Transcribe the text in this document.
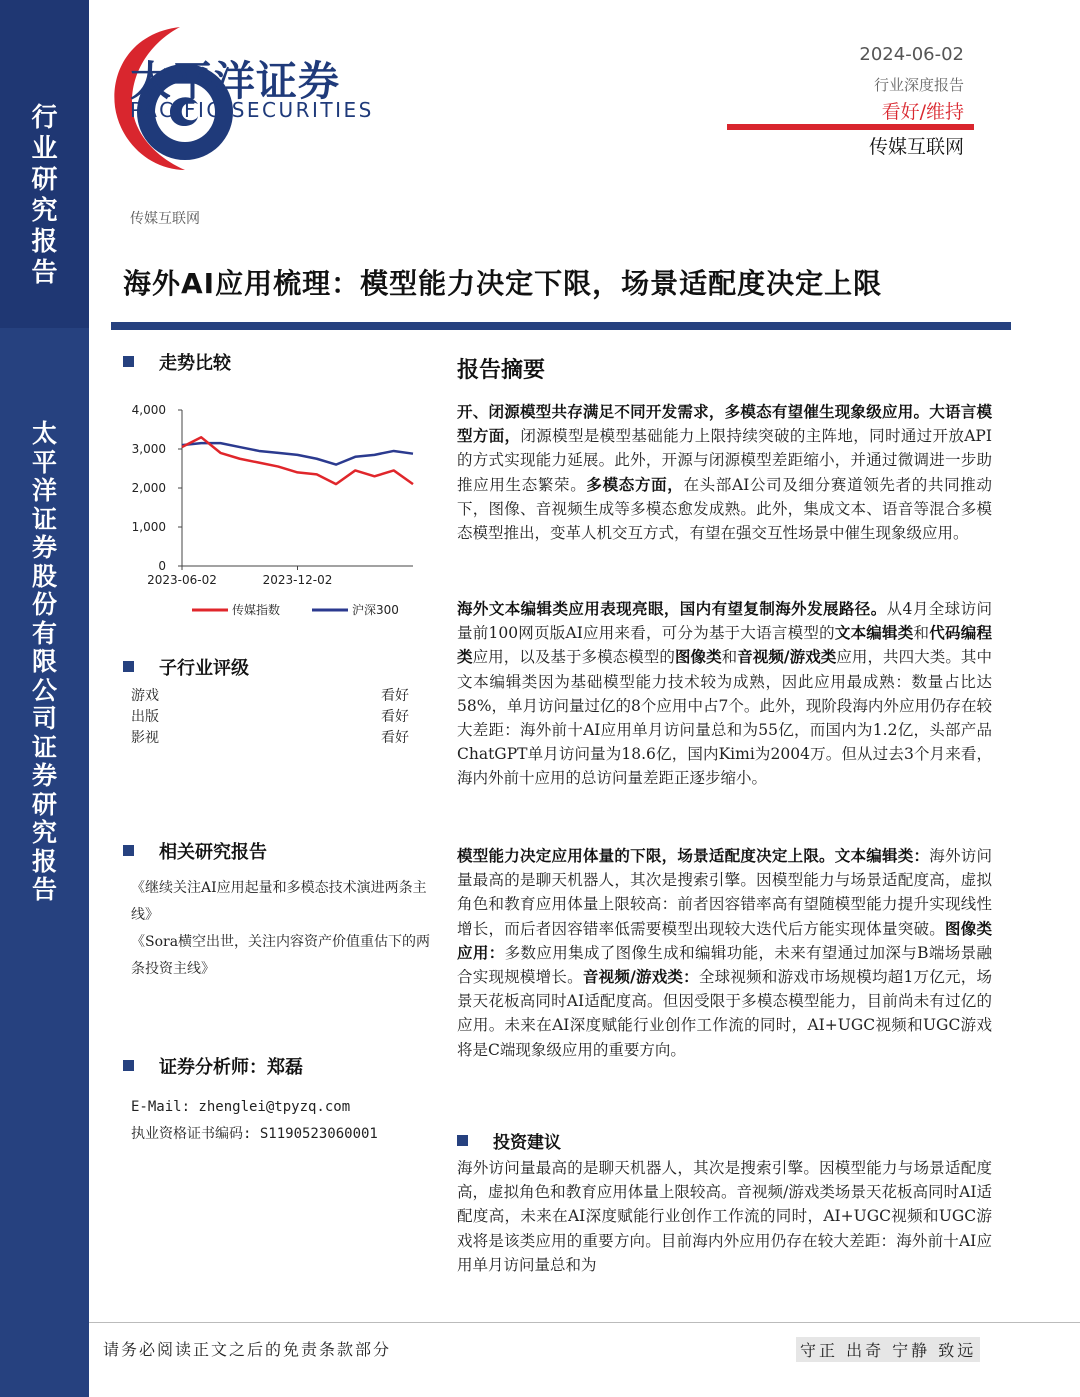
行
业
研
究
报
告
太
平
洋
证
券
股
份
有
限
公
司
证
券
研
究
报
告
太平洋证券
PACIFIC SECURITIES
2024-06-02
行业深度报告
看好/维持
传媒互联网
传媒互联网
海外AI应用梳理：模型能力决定下限，场景适配度决定上限
走势比较
0
1,000
2,000
3,000
4,000
2023-06-02	2023-12-02
传媒指数	沪深300
子行业评级
游戏	看好
出版	看好
影视	看好
相关研究报告
《继续关注AI应用起量和多模态技术演进两条主线》
《Sora横空出世，关注内容资产价值重估下的两条投资主线》
证券分析师：郑磊
E-Mail: zhenglei@tpyzq.com
执业资格证书编码: S1190523060001
报告摘要
开、闭源模型共存满足不同开发需求，多模态有望催生现象级应用。大语言模型方面，闭源模型是模型基础能力上限持续突破的主阵地，同时通过开放API的方式实现能力延展。此外，开源与闭源模型差距缩小，并通过微调进一步助推应用生态繁荣。多模态方面，在头部AI公司及细分赛道领先者的共同推动下，图像、音视频生成等多模态愈发成熟。此外，集成文本、语音等混合多模态模型推出，变革人机交互方式，有望在强交互性场景中催生现象级应用。
海外文本编辑类应用表现亮眼，国内有望复制海外发展路径。从4月全球访问量前100网页版AI应用来看，可分为基于大语言模型的文本编辑类和代码编程类应用，以及基于多模态模型的图像类和音视频/游戏类应用，共四大类。其中文本编辑类因为基础模型能力技术较为成熟，因此应用最成熟：数量占比达58%，单月访问量过亿的8个应用中占7个。此外，现阶段海内外应用仍存在较大差距：海外前十AI应用单月访问量总和为55亿，而国内为1.2亿，头部产品ChatGPT单月访问量为18.6亿，国内Kimi为2004万。但从过去3个月来看，海内外前十应用的总访问量差距正逐步缩小。
模型能力决定应用体量的下限，场景适配度决定上限。文本编辑类：海外访问量最高的是聊天机器人，其次是搜索引擎。因模型能力与场景适配度高，虚拟角色和教育应用体量上限较高：前者因容错率高有望随模型能力提升实现线性增长，而后者因容错率低需要模型出现较大迭代后方能实现体量突破。图像类应用：多数应用集成了图像生成和编辑功能，未来有望通过加深与B端场景融合实现规模增长。音视频/游戏类：全球视频和游戏市场规模均超1万亿元，场景天花板高同时AI适配度高。但因受限于多模态模型能力，目前尚未有过亿的应用。未来在AI深度赋能行业创作工作流的同时，AI+UGC视频和UGC游戏将是C端现象级应用的重要方向。
投资建议
海外访问量最高的是聊天机器人，其次是搜索引擎。因模型能力与场景适配度高，虚拟角色和教育应用体量上限较高。音视频/游戏类场景天花板高同时AI适配度高，未来在AI深度赋能行业创作工作流的同时，AI+UGC视频和UGC游戏将是该类应用的重要方向。目前海内外应用仍存在较大差距：海外前十AI应用单月访问量总和为
请务必阅读正文之后的免责条款部分	守正 出奇 宁静 致远
